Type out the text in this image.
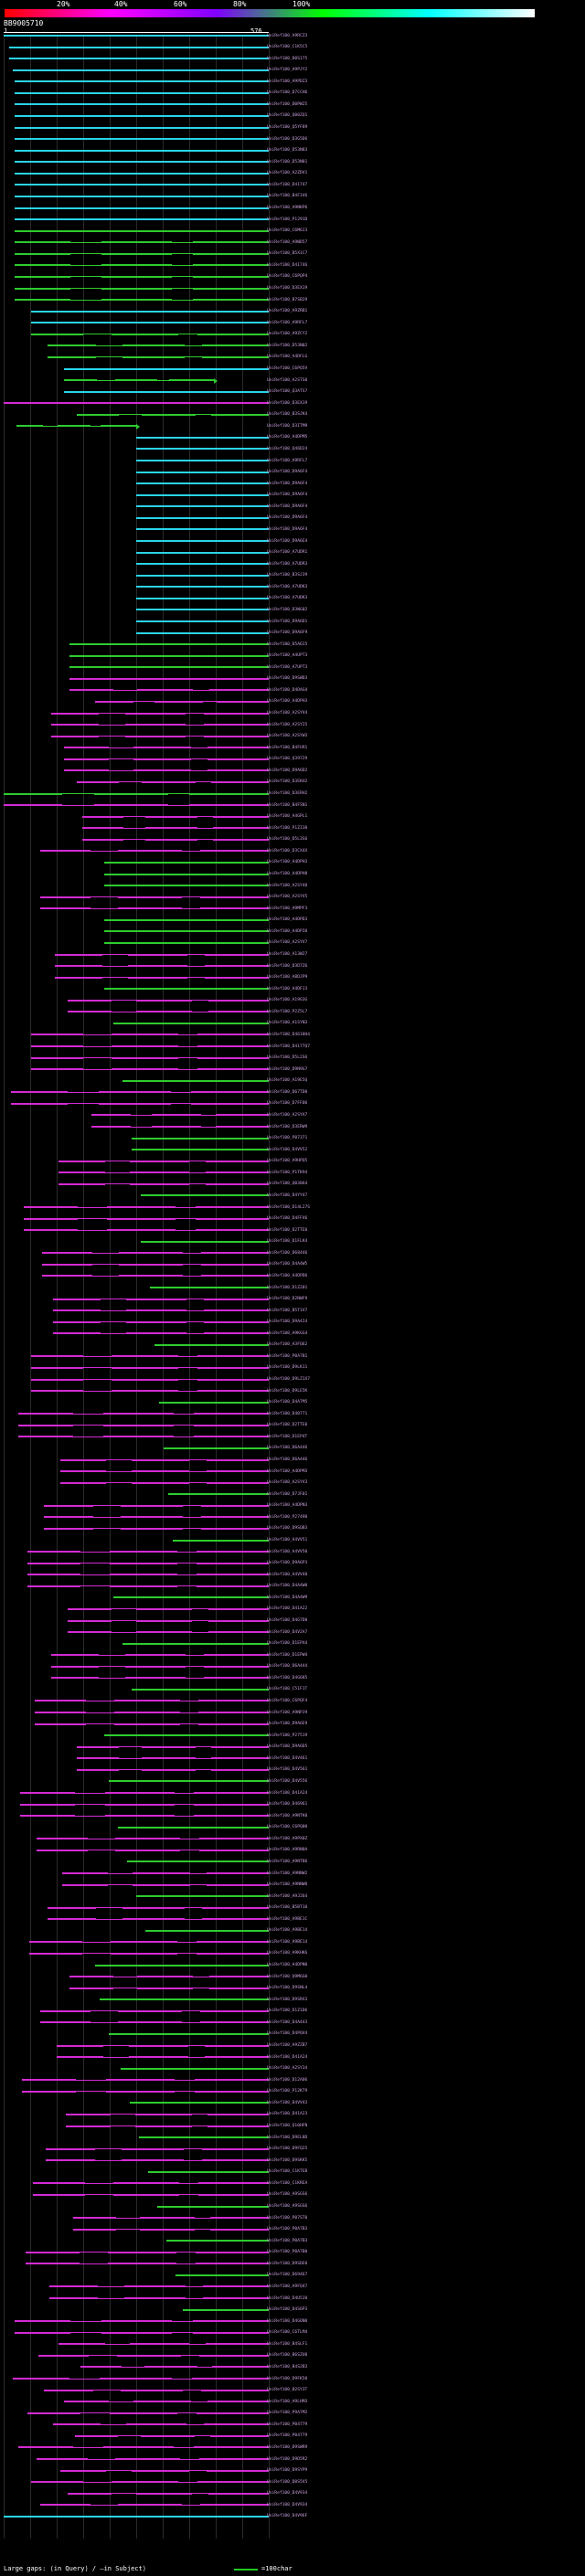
20%	40%	60%	80%	100%
BB9005710
1	576
UniRef100_A9RCZ3
UniRef100_C1K5C5
UniRef100_D0S175
UniRef100_A9PJY2
UniRef100_A9PDZ3
UniRef100_D7CCH6
UniRef100_D0PW25
UniRef100_Q00ZQ1
UniRef100_Q5YF89
UniRef100_D3G5D6
UniRef100_D53N83
UniRef100_D53N81
UniRef100_A2ZDV1
UniRef100_D41747
UniRef100_B4F1V6
UniRef100_A9NKP6
UniRef100_P1291D
UniRef100_C6M6J3
UniRef100_A9WD57
UniRef100_B5X1C7
UniRef100_D41746
UniRef100_C6PQP4
UniRef100_D3EX19
UniRef100_B7SB29
UniRef100_A9ZRB1
UniRef100_A9RFL7
UniRef100_A9ZCY2
UniRef100_D53N02
UniRef100_A4DFLG
UniRef100_C6PQ5V
UniRef100_A2STS0
UniRef100_Q3ATS7
UniRef100_D3EX19
UniRef100_B3SJK4
UniRef100_D3ITM9
UniRef100_A4DPM5
UniRef100_Q46D24
UniRef100_A9RFL7
UniRef100_D9A6F4
UniRef100_D9A6F4
UniRef100_D9A6F4
UniRef100_D9A6F4
UniRef100_D9A6F4
UniRef100_D9A6F4
UniRef100_D9A6E4
UniRef100_A7UDR1
UniRef100_A7UDR3
UniRef100_B3SJ39
UniRef100_A7UDK3
UniRef100_A7UDK3
UniRef100_D3WG02
UniRef100_D9A6D1
UniRef100_D9A6F9
UniRef100_D5A6I5
UniRef100_A4UPT3
UniRef100_A7UPT3
UniRef100_D9SWD3
UniRef100_D4DAG4
UniRef100_A4DPH3
UniRef100_A2SYV4
UniRef100_A2SY25
UniRef100_A2SYW3
UniRef100_B4FU91
UniRef100_Q39729
UniRef100_D9A6D2
UniRef100_D3EKH2
UniRef100_D3ERH2
UniRef100_B4FSN1
UniRef100_A4GPL1
UniRef100_P1ZI30
UniRef100_D5L3S6
UniRef100_D3CX4X
UniRef100_A4DPH3
UniRef100_A4DPH8
UniRef100_A2SY48
UniRef100_A2SYV5
UniRef100_A9MPF3
UniRef100_A4DPD3
UniRef100_A4DPI0
UniRef100_A2SYV7
UniRef100_A13W27
UniRef100_D3D7Z6
UniRef100_A8DJP9
UniRef100_A4DFJ3
UniRef100_A19G3G
UniRef100_P2Z5L7
UniRef100_A1SYN3
UniRef100_D4618H4
UniRef100_D4177Q7
UniRef100_D5L2S6
UniRef100_D9N9G7
UniRef100_A19E5Q
UniRef100_D67TD0
UniRef100_D7FF06
UniRef100_A2SYA7
UniRef100_D3ERW9
UniRef100_P07371
UniRef100_D4VV52
UniRef100_A9HPQ5
UniRef100_P1TK94
UniRef100_Q03064
UniRef100_D4YY47
UniRef100_D14L27S
UniRef100_D4FFV6
UniRef100_D2TTE0
UniRef100_D1FLK4
UniRef100_D68446
UniRef100_D4A4W5
UniRef100_A4DPD6
UniRef100_D1Z201
UniRef100_D2NWF9
UniRef100_B5T1V7
UniRef100_D9A4I4
UniRef100_A9KGG4
UniRef100_A3FQ62
UniRef100_P0A7B1
UniRef100_D9LK11
UniRef100_D9LZ1X7
UniRef100_D9LE5K
UniRef100_D4A7M5
UniRef100_D40771
UniRef100_D2TTE0
UniRef100_D1EP4T
UniRef100_D6A446
UniRef100_D6A446
UniRef100_A4DPM3
UniRef100_A2SYV3
UniRef100_D7JF01
UniRef100_A4DPN3
UniRef100_P27490
UniRef100_D9SQB3
UniRef100_A4VV51
UniRef100_A4VV50
UniRef100_D9A6P3
UniRef100_A4VV48
UniRef100_D4A4W0
UniRef100_D4A4W9
UniRef100_D41A22
UniRef100_D4G7D8
UniRef100_D4V2A7
UniRef100_D1EPX4
UniRef100_D1EPW4
UniRef100_D6A444
UniRef100_D4G685
UniRef100_C51F1T
UniRef100_C6PQF4
UniRef100_A9NPJ9
UniRef100_D9A6E9
UniRef100_P27519
UniRef100_D9A6D5
UniRef100_D4V461
UniRef100_D4V561
UniRef100_D4V556
UniRef100_D41A24
UniRef100_D46961
UniRef100_A9NTK0
UniRef100_C6PQ00
UniRef100_A9PX0Z
UniRef100_A9RN0A
UniRef100_A9NTB6
UniRef100_A9NNW2
UniRef100_A9NNW0
UniRef100_A9J264
UniRef100_B5BT10
UniRef100_A9BE1C
UniRef100_A9BE14
UniRef100_A9BE14
UniRef100_A9KHK6
UniRef100_A4DPN0
UniRef100_Q9M6G0
UniRef100_D9SNL4
UniRef100_D9SRX3
UniRef100_D1Z1D6
UniRef100_D4A443
UniRef100_D4PQV4
UniRef100_A9ZZB7
UniRef100_D41A24
UniRef100_A2SY34
UniRef100_D12A06
UniRef100_P12K79
UniRef100_D4VV43
UniRef100_D41A23
UniRef100_Q10HFN
UniRef100_D9EL8D
UniRef100_D9FQ25
UniRef100_D9SKK5
UniRef100_C1KTEB
UniRef100_C1KREA
UniRef100_A9SGS6
UniRef100_A9SGS6
UniRef100_P07ST0
UniRef100_P0A7B3
UniRef100_P0A7B3
UniRef100_P0A7B0
UniRef100_D9SDE0
UniRef100_D69467
UniRef100_A9FQ47
UniRef100_D4U5J0
UniRef100_D4S6P3
UniRef100_D4G6N0
UniRef100_C6TLM4
UniRef100_B4SLF1
UniRef100_B6SZU0
UniRef100_B4S2B3
UniRef100_D9FK50
UniRef100_B2SY3T
UniRef100_A9LHM3
UniRef100_P9A7M2
UniRef100_P04779
UniRef100_P04779
UniRef100_D9SWR9
UniRef100_D9D5R2
UniRef100_D9SYP9
UniRef100_D0S5V5
UniRef100_D4V934
UniRef100_D4V934
UniRef100_D4V96F
Large gaps: ⟨in Query⟩ / —in Subject⟩	=100char
